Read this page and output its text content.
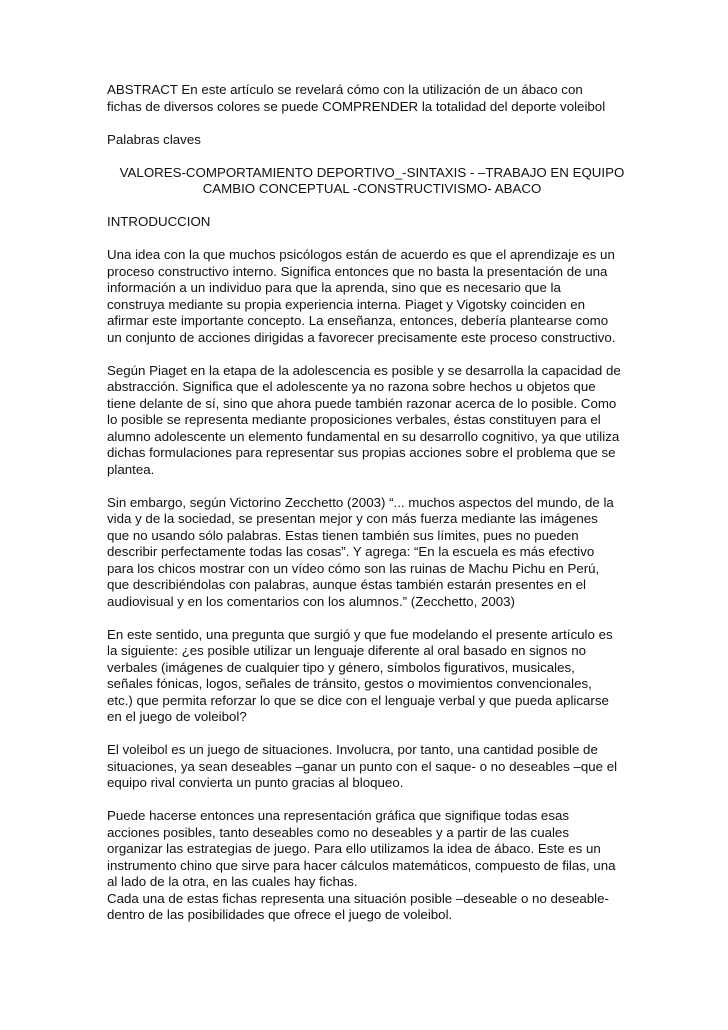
ABSTRACT En este artículo se revelará cómo con la utilización de un ábaco con
fichas de diversos colores se puede COMPRENDER la totalidad del deporte voleibol

Palabras claves

VALORES-COMPORTAMIENTO DEPORTIVO_-SINTAXIS - –TRABAJO EN EQUIPO
CAMBIO CONCEPTUAL -CONSTRUCTIVISMO- ABACO

INTRODUCCION

Una idea con la que muchos psicólogos están de acuerdo es que el aprendizaje es un
proceso constructivo interno. Significa entonces que no basta la presentación de una
información a un individuo para que la aprenda, sino que es necesario que la
construya mediante su propia experiencia interna. Piaget y Vigotsky coinciden en
afirmar este importante concepto. La enseñanza, entonces, debería plantearse como
un conjunto de acciones dirigidas a favorecer precisamente este proceso constructivo.

Según Piaget en la etapa de la adolescencia es posible y se desarrolla la capacidad de
abstracción. Significa que el adolescente ya no razona sobre hechos u objetos que
tiene delante de sí, sino que ahora puede también razonar acerca de lo posible. Como
lo posible se representa mediante proposiciones verbales, éstas constituyen para el
alumno adolescente un elemento fundamental en su desarrollo cognitivo, ya que utiliza
dichas formulaciones para representar sus propias acciones sobre el problema que se
plantea.

Sin embargo, según Victorino Zecchetto (2003) “... muchos aspectos del mundo, de la
vida y de la sociedad, se presentan mejor y con más fuerza mediante las imágenes
que no usando sólo palabras. Estas tienen también sus límites, pues no pueden
describir perfectamente todas las cosas”. Y agrega: “En la escuela es más efectivo
para los chicos mostrar con un vídeo cómo son las ruinas de Machu Pichu en Perú,
que describiéndolas con palabras, aunque éstas también estarán presentes en el
audiovisual y en los comentarios con los alumnos.” (Zecchetto, 2003)

En este sentido, una pregunta que surgió y que fue modelando el presente artículo es
la siguiente: ¿es posible utilizar un lenguaje diferente al oral basado en signos no
verbales (imágenes de cualquier tipo y género, símbolos figurativos, musicales,
señales fónicas, logos, señales de tránsito, gestos o movimientos convencionales,
etc.) que permita reforzar lo que se dice con el lenguaje verbal y que pueda aplicarse
en el juego de voleibol?

El voleibol es un juego de situaciones. Involucra, por tanto, una cantidad posible de
situaciones, ya sean deseables –ganar un punto con el saque- o no deseables –que el
equipo rival convierta un punto gracias al bloqueo.

Puede hacerse entonces una representación gráfica que signifique todas esas
acciones posibles, tanto deseables como no deseables y a partir de las cuales
organizar las estrategias de juego. Para ello utilizamos la idea de ábaco. Este es un
instrumento chino que sirve para hacer cálculos matemáticos, compuesto de filas, una
al lado de la otra, en las cuales hay fichas.
Cada una de estas fichas representa una situación posible –deseable o no deseable-
dentro de las posibilidades que ofrece el juego de voleibol.
